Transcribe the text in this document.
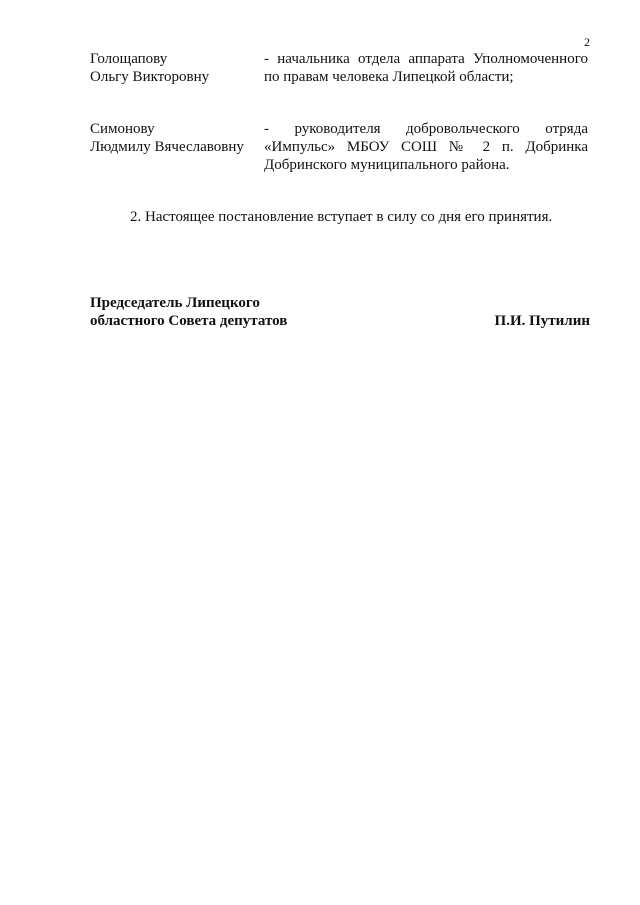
2
Голощапову
Ольгу Викторовну
- начальника отдела аппарата Уполномоченного
по правам человека Липецкой области;
Симонову
Людмилу Вячеславовну
- руководителя добровольческого отряда
«Импульс» МБОУ СОШ № 2 п. Добринка
Добринского муниципального района.
2. Настоящее постановление вступает в силу со дня его принятия.
Председатель Липецкого
областного Совета депутатов	П.И. Путилин
